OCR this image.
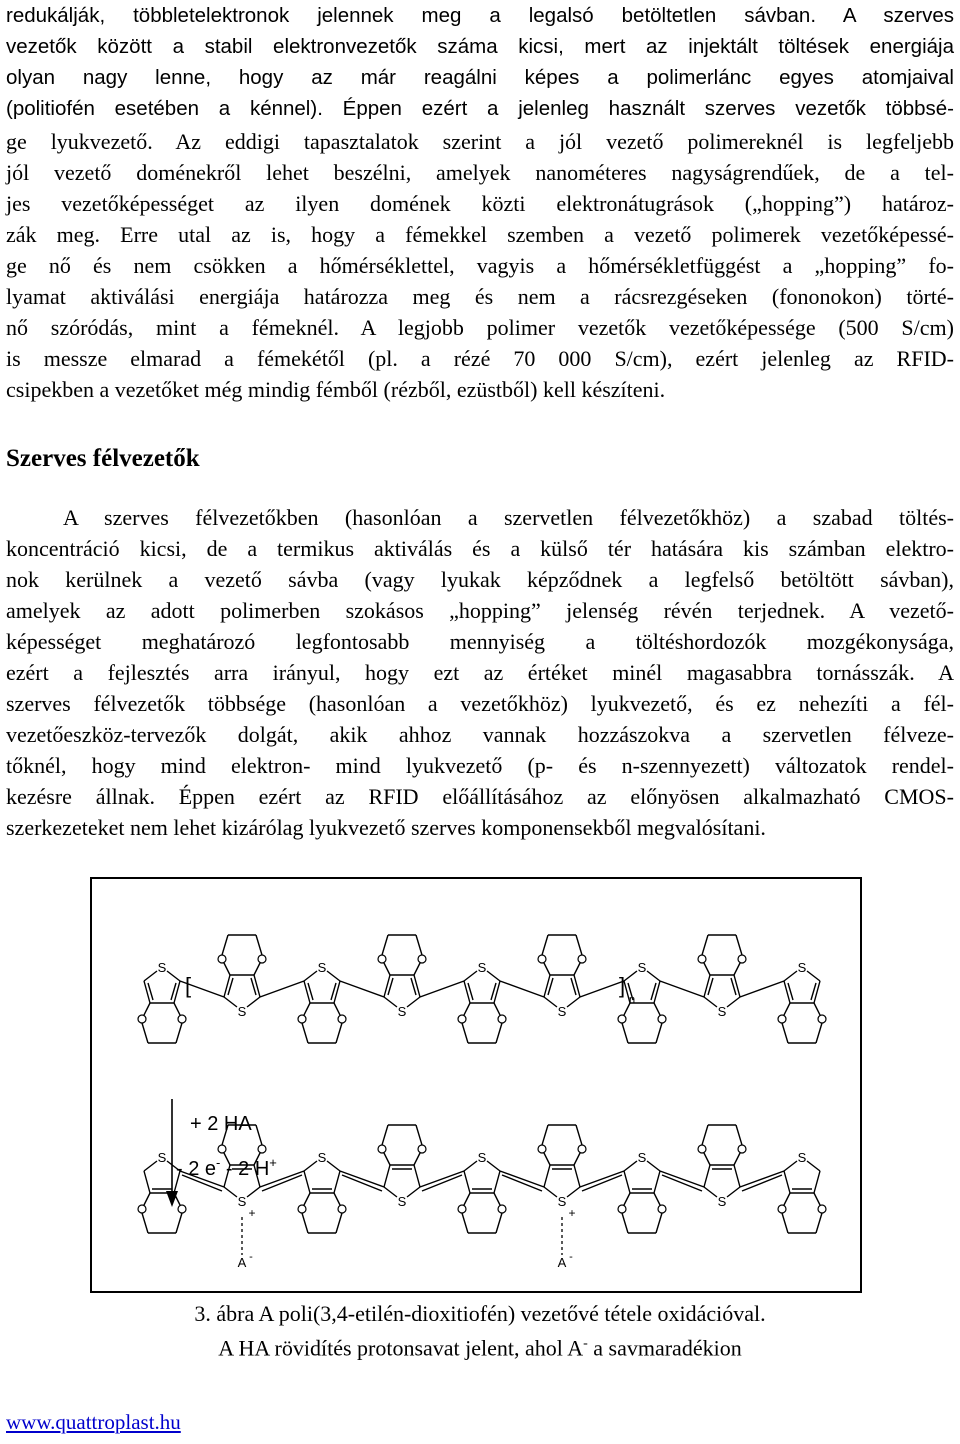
redukálják, többletelektronok jelennek meg a legalsó betöltetlen sávban. A szerves
vezetők között a stabil elektronvezetők száma kicsi, mert az injektált töltések energiája
olyan nagy lenne, hogy az már reagálni képes a polimerlánc egyes atomjaival
(politiofén esetében a kénnel). Éppen ezért a jelenleg használt szerves vezetők többsé-
ge lyukvezető. Az eddigi tapasztalatok szerint a jól vezető polimereknél is legfeljebb
jól vezető doménekről lehet beszélni, amelyek nanométeres nagyságrendűek, de a tel-
jes vezetőképességet az ilyen domének közti elektronátugrások („hopping”) határoz-
zák meg. Erre utal az is, hogy a fémekkel szemben a vezető polimerek vezetőképessé-
ge nő és nem csökken a hőmérséklettel, vagyis a hőmérsékletfüggést a „hopping” fo-
lyamat aktiválási energiája határozza meg és nem a rácsrezgéseken (fononokon) törté-
nő szóródás, mint a fémeknél. A legjobb polimer vezetők vezetőképessége (500 S/cm)
is messze elmarad a fémekétől (pl. a rézé 70 000 S/cm), ezért jelenleg az RFID-
csipekben a vezetőket még mindig fémből (rézből, ezüstből) kell készíteni.
Szerves félvezetők
A szerves félvezetőkben (hasonlóan a szervetlen félvezetőkhöz) a szabad töltés-
koncentráció kicsi, de a termikus aktiválás és a külső tér hatására kis számban elektro-
nok kerülnek a vezető sávba (vagy lyukak képződnek a legfelső betöltött sávban),
amelyek az adott polimerben szokásos „hopping” jelenség révén terjednek. A vezető-
képességet meghatározó legfontosabb mennyiség a töltéshordozók mozgékonysága,
ezért a fejlesztés arra irányul, hogy ezt az értéket minél magasabbra tornásszák. A
szerves félvezetők többsége (hasonlóan a vezetőkhöz) lyukvezető, és ez nehezíti a fél-
vezetőeszköz-tervezők dolgát, akik ahhoz vannak hozzászokva a szervetlen félveze-
tőknél, hogy mind elektron- mind lyukvezető (p- és n-szennyezett) változatok rendel-
kezésre állnak. Éppen ezért az RFID előállításához az előnyösen alkalmazható CMOS-
szerkezeteket nem lehet kizárólag lyukvezető szerves komponensekből megvalósítani.
S
S
S
S
S
S
S
S
S
[	]
n
S
S
+
S
S
S
S
+
S
S
S
A -	A -
+ 2 HA
- 2 e- - 2 H+
3. ábra A poli(3,4-etilén-dioxitiofén) vezetővé tétele oxidációval.
A HA rövidítés protonsavat jelent, ahol A- a savmaradékion
www.quattroplast.hu
